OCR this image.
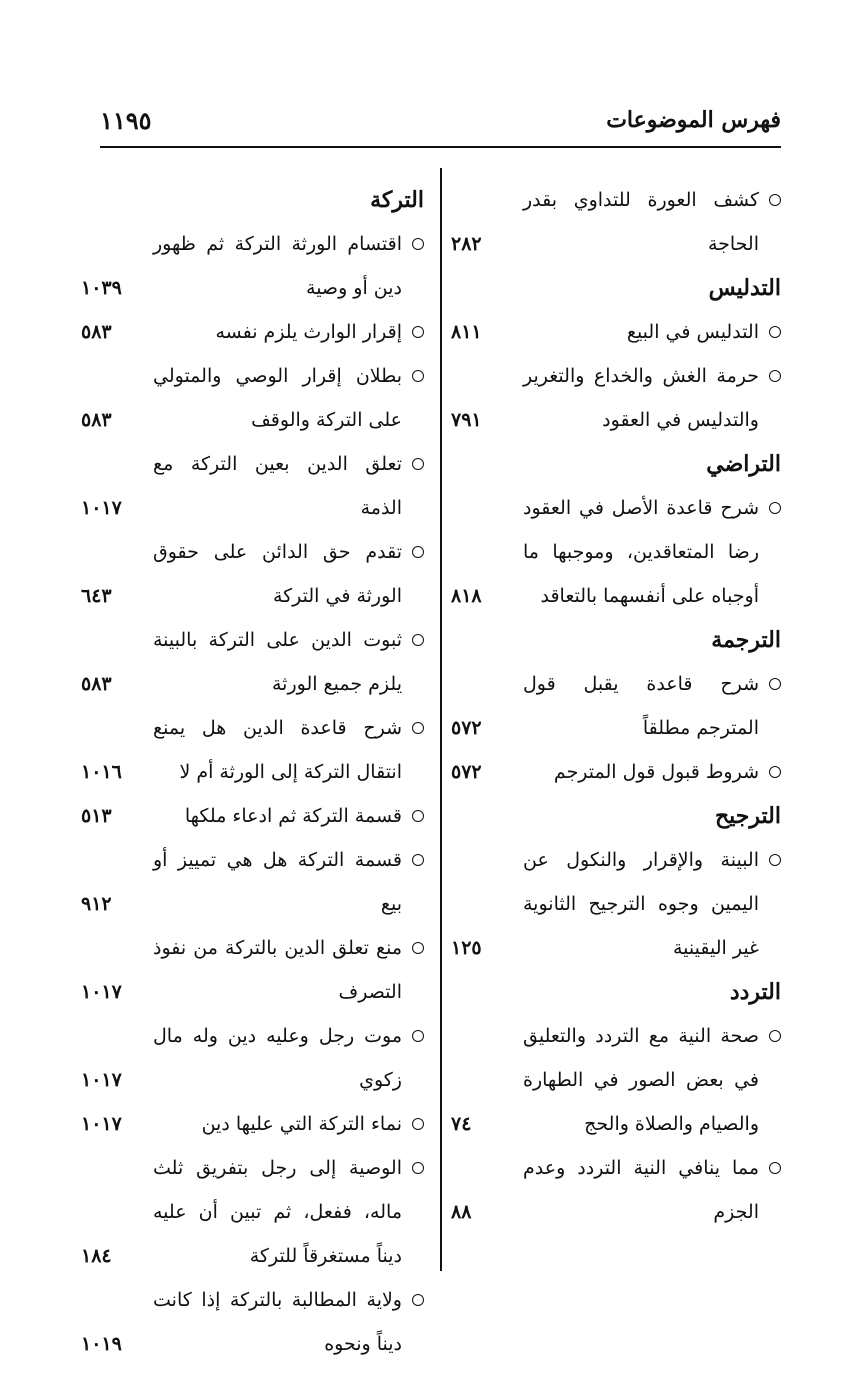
فهرس الموضوعات
١١٩٥
كشف العورة للتداوي بقدر الحاجة
٢٨٢
التدليس
التدليس في البيع
٨١١
حرمة الغش والخداع والتغرير والتدليس في العقود
٧٩١
التراضي
شرح قاعدة الأصل في العقود رضا المتعاقدين، وموجبها ما أوجباه على أنفسهما بالتعاقد
٨١٨
الترجمة
شرح قاعدة يقبل قول المترجم مطلقاً
٥٧٢
شروط قبول قول المترجم
٥٧٢
الترجيح
البينة والإقرار والنكول عن اليمين وجوه الترجيح الثانوية غير اليقينية
١٢٥
التردد
صحة النية مع التردد والتعليق في بعض الصور في الطهارة والصيام والصلاة والحج
٧٤
مما ينافي النية التردد وعدم الجزم
٨٨
التركة
اقتسام الورثة التركة ثم ظهور دين أو وصية
١٠٣٩
إقرار الوارث يلزم نفسه
٥٨٣
بطلان إقرار الوصي والمتولي على التركة والوقف
٥٨٣
تعلق الدين بعين التركة مع الذمة
١٠١٧
تقدم حق الدائن على حقوق الورثة في التركة
٦٤٣
ثبوت الدين على التركة بالبينة يلزم جميع الورثة
٥٨٣
شرح قاعدة الدين هل يمنع انتقال التركة إلى الورثة أم لا
١٠١٦
قسمة التركة ثم ادعاء ملكها
٥١٣
قسمة التركة هل هي تمييز أو بيع
٩١٢
منع تعلق الدين بالتركة من نفوذ التصرف
١٠١٧
موت رجل وعليه دين وله مال زكوي
١٠١٧
نماء التركة التي عليها دين
١٠١٧
الوصية إلى رجل بتفريق ثلث ماله، ففعل، ثم تبين أن عليه ديناً مستغرقاً للتركة
١٨٤
ولاية المطالبة بالتركة إذا كانت ديناً ونحوه
١٠١٩
